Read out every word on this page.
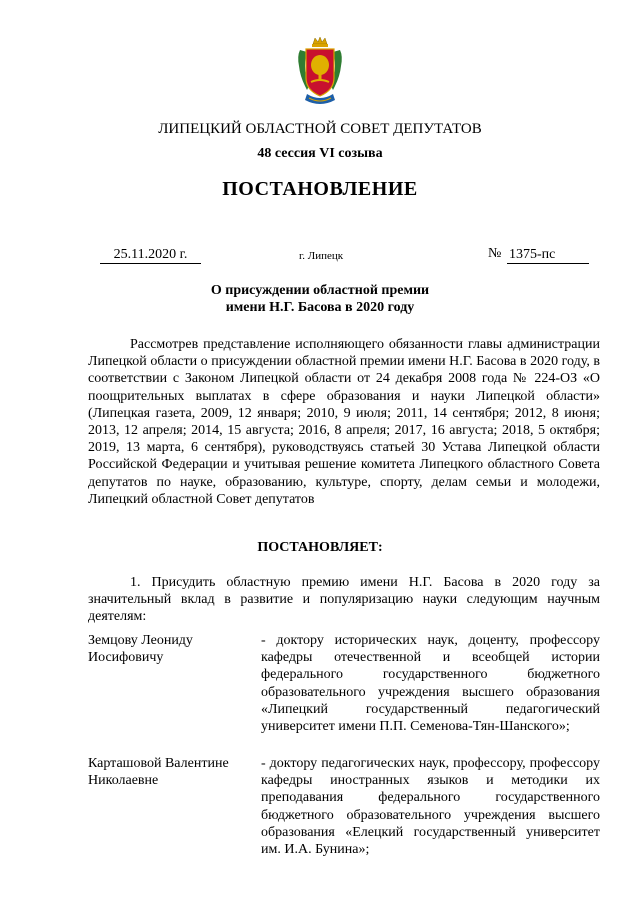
ЛИПЕЦКИЙ ОБЛАСТНОЙ СОВЕТ ДЕПУТАТОВ
48 сессия VI созыва
ПОСТАНОВЛЕНИЕ
25.11.2020 г.	г. Липецк	№ 1375-пс
О присуждении областной премии
имени Н.Г. Басова в 2020 году
Рассмотрев представление исполняющего обязанности главы администрации Липецкой области о присуждении областной премии имени Н.Г. Басова в 2020 году, в соответствии с Законом Липецкой области от 24 декабря 2008 года № 224-ОЗ «О поощрительных выплатах в сфере образования и науки Липецкой области» (Липецкая газета, 2009, 12 января; 2010, 9 июля; 2011, 14 сентября; 2012, 8 июня; 2013, 12 апреля; 2014, 15 августа; 2016, 8 апреля; 2017, 16 августа; 2018, 5 октября; 2019, 13 марта, 6 сентября), руководствуясь статьей 30 Устава Липецкой области Российской Федерации и учитывая решение комитета Липецкого областного Совета депутатов по науке, образованию, культуре, спорту, делам семьи и молодежи, Липецкий областной Совет депутатов
ПОСТАНОВЛЯЕТ:
1. Присудить областную премию имени Н.Г. Басова в 2020 году за значительный вклад в развитие и популяризацию науки следующим научным деятелям:
Земцову Леониду Иосифовичу
- доктору исторических наук, доценту, профессору кафедры отечественной и всеобщей истории федерального государственного бюджетного образовательного учреждения высшего образования «Липецкий государственный педагогический университет имени П.П. Семенова-Тян-Шанского»;
Карташовой Валентине Николаевне
- доктору педагогических наук, профессору, профессору кафедры иностранных языков и методики их преподавания федерального государственного бюджетного образовательного учреждения высшего образования «Елецкий государственный университет им. И.А. Бунина»;
